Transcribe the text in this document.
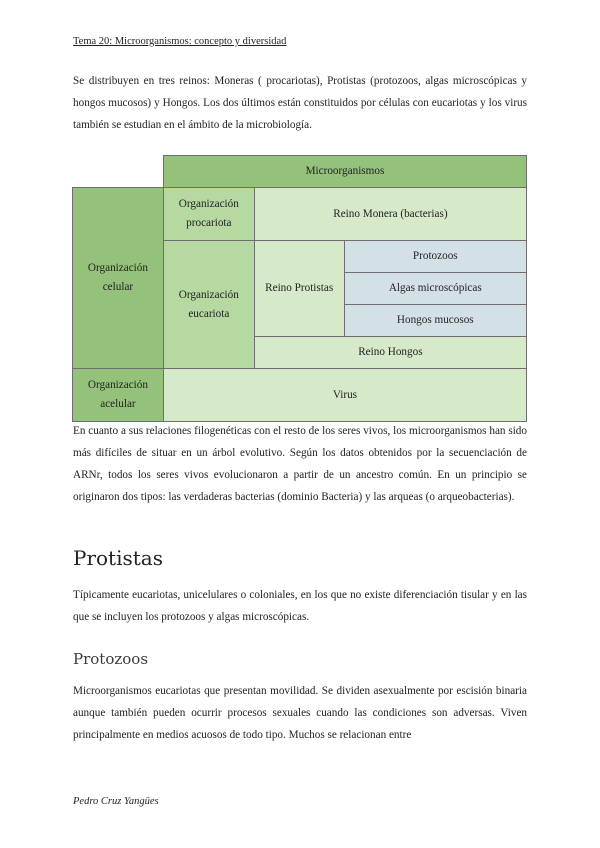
Tema 20: Microorganismos: concepto y diversidad

Se distribuyen en tres reinos: Moneras ( procariotas), Protistas (protozoos, algas microscópicas y hongos mucosos) y Hongos. Los dos últimos están constituidos por células con eucariotas y los virus también se estudian en el ámbito de la microbiología.

	Microorganismos		
Organización celular	Organización procariota	Reino Monera (bacterias)	
	Organización eucariota	Reino Protistas	Protozoos
			Algas microscópicas
			Hongos mucosos
		Reino Hongos	
Organización acelular	Virus		

En cuanto a sus relaciones filogenéticas con el resto de los seres vivos, los microorganismos han sido más difíciles de situar en un árbol evolutivo. Según los datos obtenidos por la secuenciación de ARNr, todos los seres vivos evolucionaron a partir de un ancestro común. En un principio se originaron dos tipos: las verdaderas bacterias (dominio Bacteria) y las arqueas (o arqueobacterias).

Protistas

Típicamente eucariotas, unicelulares o coloniales, en los que no existe diferenciación tisular y en las que se incluyen los protozoos y algas microscópicas.

Protozoos

Microorganismos eucariotas que presentan movilidad. Se dividen asexualmente por escisión binaria aunque también pueden ocurrir procesos sexuales cuando las condiciones son adversas. Viven principalmente en medios acuosos de todo tipo. Muchos se relacionan entre

Pedro Cruz Yangües
